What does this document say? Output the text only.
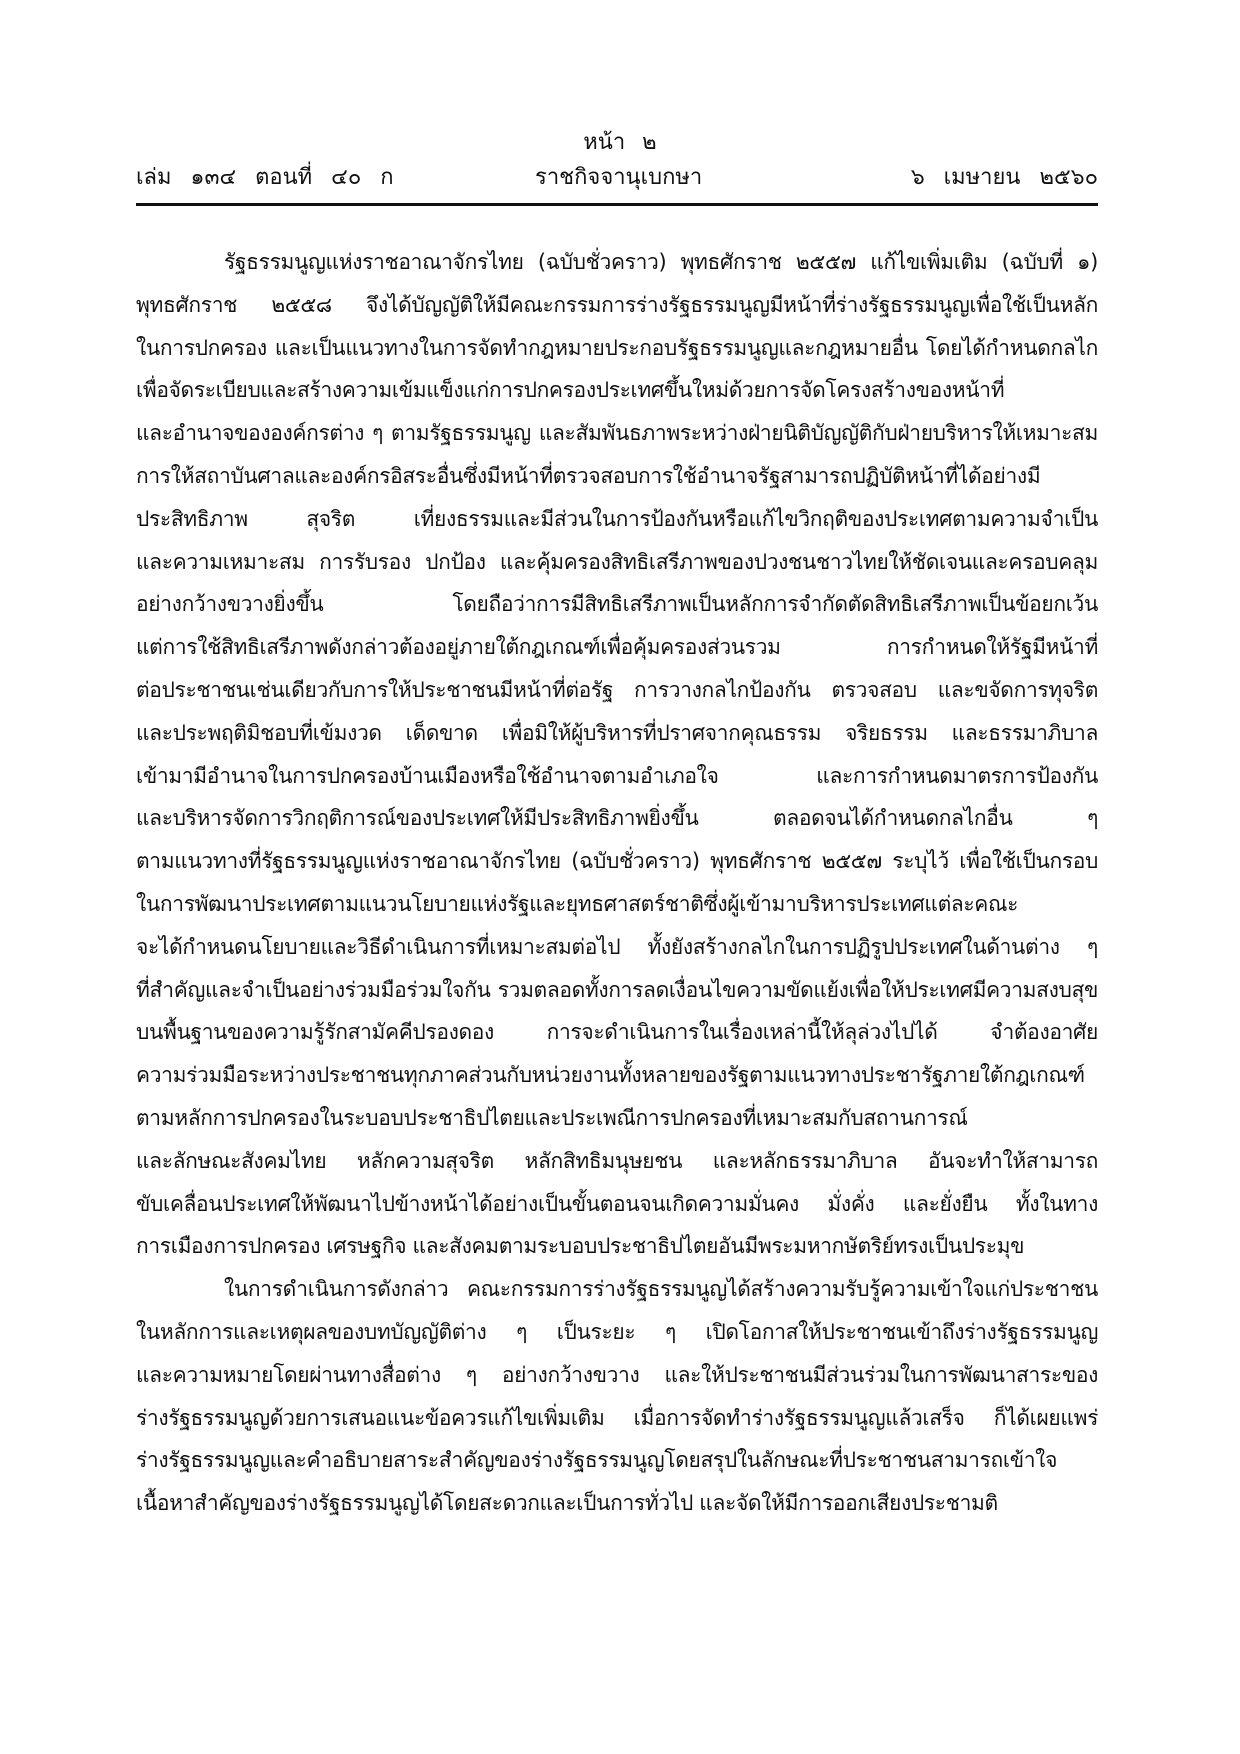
หน้า ๒
เล่ม ๑๓๔ ตอนที่ ๔๐ ก	ราชกิจจานุเบกษา	๖ เมษายน ๒๕๖๐
รัฐธรรมนูญแห่งราชอาณาจักรไทย (ฉบับชั่วคราว) พุทธศักราช ๒๕๕๗ แก้ไขเพิ่มเติม (ฉบับที่ ๑)
พุทธศักราช ๒๕๕๘ จึงได้บัญญัติให้มีคณะกรรมการร่างรัฐธรรมนูญมีหน้าที่ร่างรัฐธรรมนูญเพื่อใช้เป็นหลัก
ในการปกครอง และเป็นแนวทางในการจัดทำกฎหมายประกอบรัฐธรรมนูญและกฎหมายอื่น โดยได้กำหนดกลไก
เพื่อจัดระเบียบและสร้างความเข้มแข็งแก่การปกครองประเทศขึ้นใหม่ด้วยการจัดโครงสร้างของหน้าที่
และอำนาจขององค์กรต่าง ๆ ตามรัฐธรรมนูญ และสัมพันธภาพระหว่างฝ่ายนิติบัญญัติกับฝ่ายบริหารให้เหมาะสม
การให้สถาบันศาลและองค์กรอิสระอื่นซึ่งมีหน้าที่ตรวจสอบการใช้อำนาจรัฐสามารถปฏิบัติหน้าที่ได้อย่างมี
ประสิทธิภาพ สุจริต เที่ยงธรรมและมีส่วนในการป้องกันหรือแก้ไขวิกฤติของประเทศตามความจำเป็น
และความเหมาะสม การรับรอง ปกป้อง และคุ้มครองสิทธิเสรีภาพของปวงชนชาวไทยให้ชัดเจนและครอบคลุม
อย่างกว้างขวางยิ่งขึ้น โดยถือว่าการมีสิทธิเสรีภาพเป็นหลักการจำกัดตัดสิทธิเสรีภาพเป็นข้อยกเว้น
แต่การใช้สิทธิเสรีภาพดังกล่าวต้องอยู่ภายใต้กฎเกณฑ์เพื่อคุ้มครองส่วนรวม การกำหนดให้รัฐมีหน้าที่
ต่อประชาชนเช่นเดียวกับการให้ประชาชนมีหน้าที่ต่อรัฐ การวางกลไกป้องกัน ตรวจสอบ และขจัดการทุจริต
และประพฤติมิชอบที่เข้มงวด เด็ดขาด เพื่อมิให้ผู้บริหารที่ปราศจากคุณธรรม จริยธรรม และธรรมาภิบาล
เข้ามามีอำนาจในการปกครองบ้านเมืองหรือใช้อำนาจตามอำเภอใจ และการกำหนดมาตรการป้องกัน
และบริหารจัดการวิกฤติการณ์ของประเทศให้มีประสิทธิภาพยิ่งขึ้น ตลอดจนได้กำหนดกลไกอื่น ๆ
ตามแนวทางที่รัฐธรรมนูญแห่งราชอาณาจักรไทย (ฉบับชั่วคราว) พุทธศักราช ๒๕๕๗ ระบุไว้ เพื่อใช้เป็นกรอบ
ในการพัฒนาประเทศตามแนวนโยบายแห่งรัฐและยุทธศาสตร์ชาติซึ่งผู้เข้ามาบริหารประเทศแต่ละคณะ
จะได้กำหนดนโยบายและวิธีดำเนินการที่เหมาะสมต่อไป ทั้งยังสร้างกลไกในการปฏิรูปประเทศในด้านต่าง ๆ
ที่สำคัญและจำเป็นอย่างร่วมมือร่วมใจกัน รวมตลอดทั้งการลดเงื่อนไขความขัดแย้งเพื่อให้ประเทศมีความสงบสุข
บนพื้นฐานของความรู้รักสามัคคีปรองดอง การจะดำเนินการในเรื่องเหล่านี้ให้ลุล่วงไปได้ จำต้องอาศัย
ความร่วมมือระหว่างประชาชนทุกภาคส่วนกับหน่วยงานทั้งหลายของรัฐตามแนวทางประชารัฐภายใต้กฎเกณฑ์
ตามหลักการปกครองในระบอบประชาธิปไตยและประเพณีการปกครองที่เหมาะสมกับสถานการณ์
และลักษณะสังคมไทย หลักความสุจริต หลักสิทธิมนุษยชน และหลักธรรมาภิบาล อันจะทำให้สามารถ
ขับเคลื่อนประเทศให้พัฒนาไปข้างหน้าได้อย่างเป็นขั้นตอนจนเกิดความมั่นคง มั่งคั่ง และยั่งยืน ทั้งในทาง
การเมืองการปกครอง เศรษฐกิจ และสังคมตามระบอบประชาธิปไตยอันมีพระมหากษัตริย์ทรงเป็นประมุข
ในการดำเนินการดังกล่าว คณะกรรมการร่างรัฐธรรมนูญได้สร้างความรับรู้ความเข้าใจแก่ประชาชน
ในหลักการและเหตุผลของบทบัญญัติต่าง ๆ เป็นระยะ ๆ เปิดโอกาสให้ประชาชนเข้าถึงร่างรัฐธรรมนูญ
และความหมายโดยผ่านทางสื่อต่าง ๆ อย่างกว้างขวาง และให้ประชาชนมีส่วนร่วมในการพัฒนาสาระของ
ร่างรัฐธรรมนูญด้วยการเสนอแนะข้อควรแก้ไขเพิ่มเติม เมื่อการจัดทำร่างรัฐธรรมนูญแล้วเสร็จ ก็ได้เผยแพร่
ร่างรัฐธรรมนูญและคำอธิบายสาระสำคัญของร่างรัฐธรรมนูญโดยสรุปในลักษณะที่ประชาชนสามารถเข้าใจ
เนื้อหาสำคัญของร่างรัฐธรรมนูญได้โดยสะดวกและเป็นการทั่วไป และจัดให้มีการออกเสียงประชามติ
